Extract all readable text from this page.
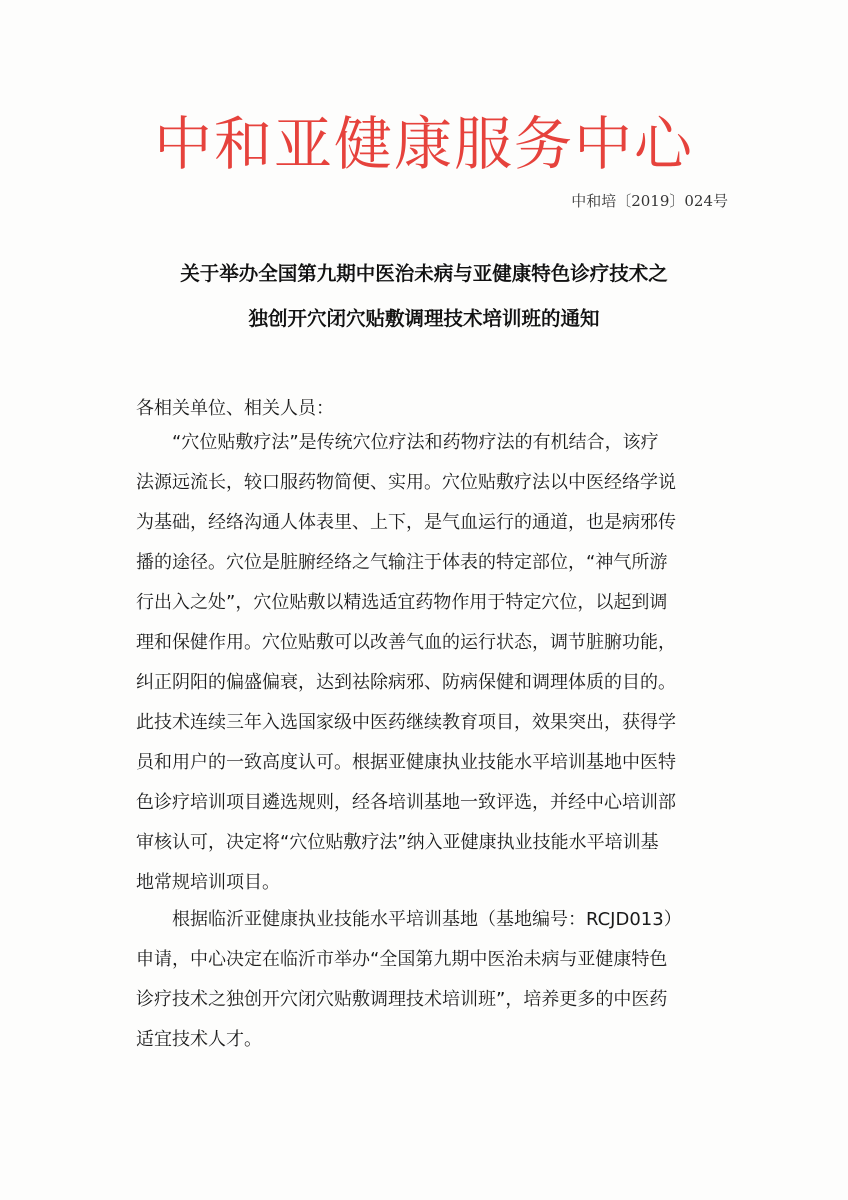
中和亚健康服务中心
中和培〔2019〕024号
关于举办全国第九期中医治未病与亚健康特色诊疗技术之
独创开穴闭穴贴敷调理技术培训班的通知
各相关单位、相关人员：
“穴位贴敷疗法”是传统穴位疗法和药物疗法的有机结合，该疗
法源远流长，较口服药物简便、实用。穴位贴敷疗法以中医经络学说
为基础，经络沟通人体表里、上下，是气血运行的通道，也是病邪传
播的途径。穴位是脏腑经络之气输注于体表的特定部位，“神气所游
行出入之处”，穴位贴敷以精选适宜药物作用于特定穴位，以起到调
理和保健作用。穴位贴敷可以改善气血的运行状态，调节脏腑功能，
纠正阴阳的偏盛偏衰，达到祛除病邪、防病保健和调理体质的目的。
此技术连续三年入选国家级中医药继续教育项目，效果突出，获得学
员和用户的一致高度认可。根据亚健康执业技能水平培训基地中医特
色诊疗培训项目遴选规则，经各培训基地一致评选，并经中心培训部
审核认可，决定将“穴位贴敷疗法”纳入亚健康执业技能水平培训基
地常规培训项目。
根据临沂亚健康执业技能水平培训基地（基地编号：RCJD013）
申请，中心决定在临沂市举办“全国第九期中医治未病与亚健康特色
诊疗技术之独创开穴闭穴贴敷调理技术培训班”，培养更多的中医药
适宜技术人才。
